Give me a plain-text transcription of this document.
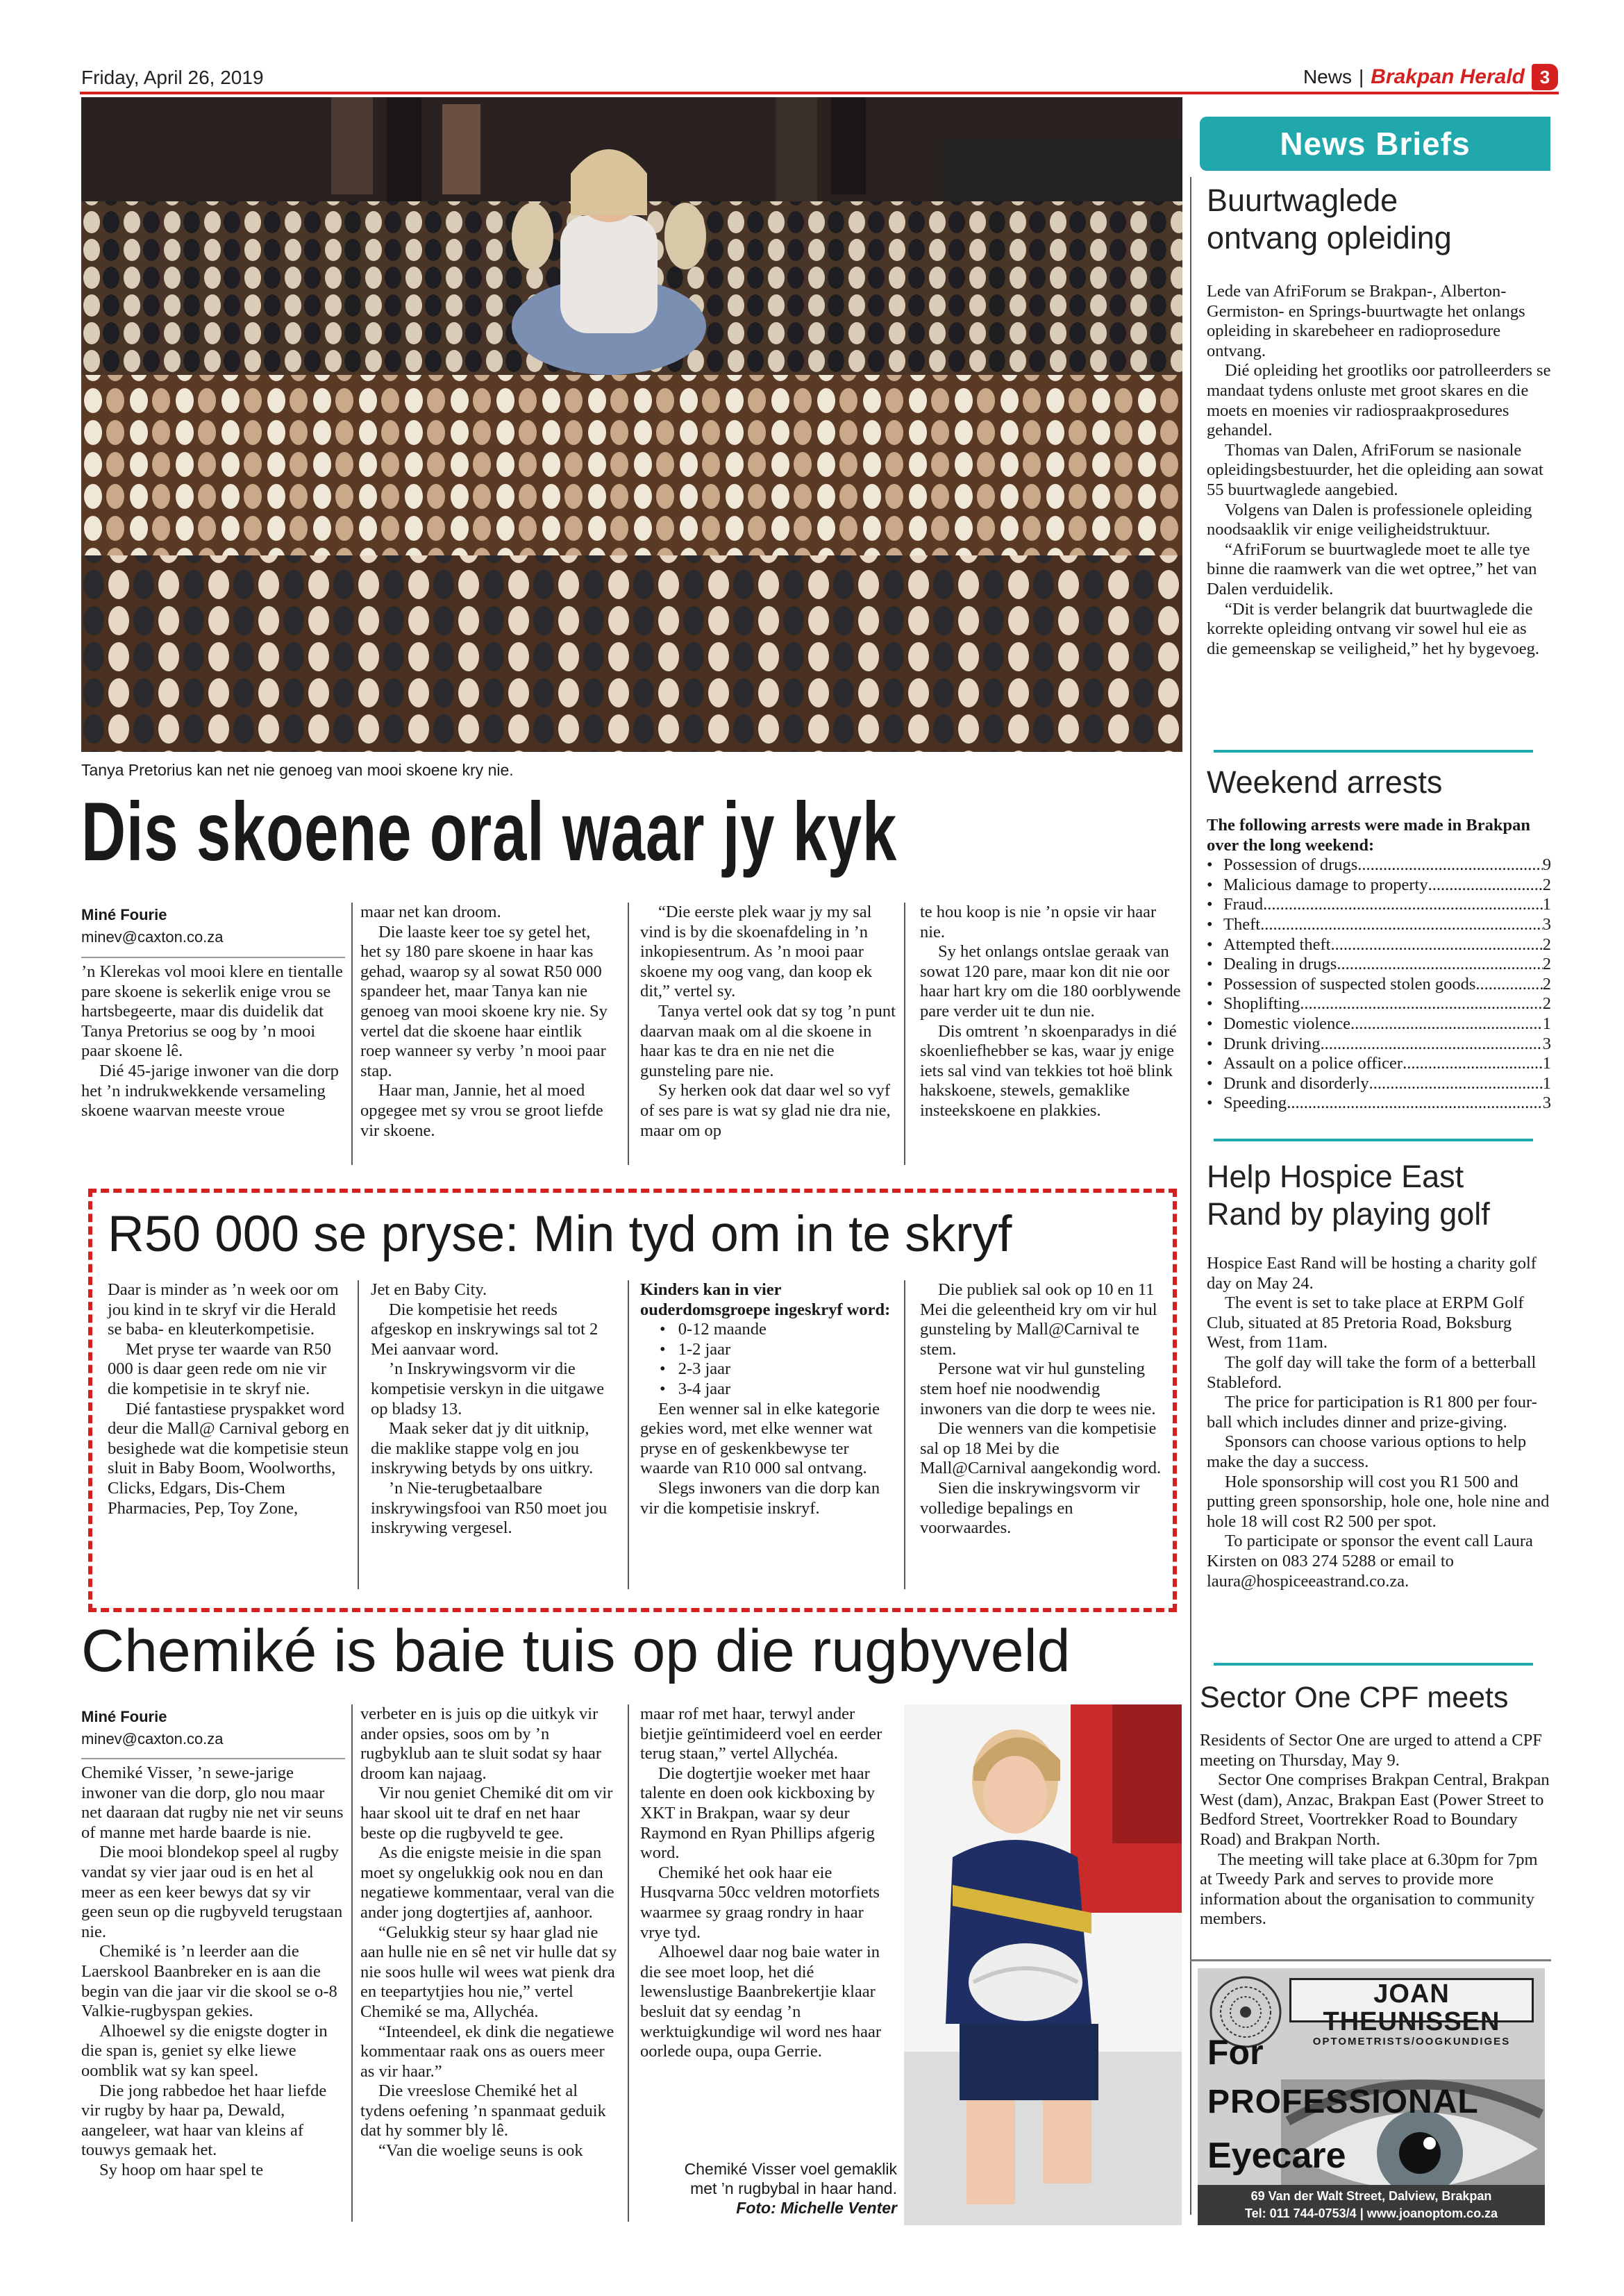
Friday, April 26, 2019	News | Brakpan Herald 3
Tanya Pretorius kan net nie genoeg van mooi skoene kry nie.
Dis skoene oral waar jy kyk
Miné Fourie
minev@caxton.co.za

’n Klerekas vol mooi klere en tientalle pare skoene is sekerlik enige vrou se hartsbegeerte, maar dis duidelik dat Tanya Pretorius se oog by ’n mooi paar skoene lê.

Dié 45-jarige inwoner van die dorp het ’n indrukwekkende versameling skoene waarvan meeste vroue

maar net kan droom.

Die laaste keer toe sy getel het, het sy 180 pare skoene in haar kas gehad, waarop sy al sowat R50 000 spandeer het, maar Tanya kan nie genoeg van mooi skoene kry nie. Sy vertel dat die skoene haar eintlik roep wanneer sy verby ’n mooi paar stap.

Haar man, Jannie, het al moed opgegee met sy vrou se groot liefde vir skoene.

“Die eerste plek waar jy my sal vind is by die skoenafdeling in ’n inkopiesentrum. As ’n mooi paar skoene my oog vang, dan koop ek dit,” vertel sy.

Tanya vertel ook dat sy tog ’n punt daarvan maak om al die skoene in haar kas te dra en nie net die gunsteling pare nie.

Sy herken ook dat daar wel so vyf of ses pare is wat sy glad nie dra nie, maar om op

te hou koop is nie ’n opsie vir haar nie.

Sy het onlangs ontslae geraak van sowat 120 pare, maar kon dit nie oor haar hart kry om die 180 oorblywende pare verder uit te dun nie.

Dis omtrent ’n skoenparadys in dié skoenliefhebber se kas, waar jy enige iets sal vind van tekkies tot hoë blink hakskoene, stewels, gemaklike insteekskoene en plakkies.

R50 000 se pryse: Min tyd om in te skryf

Daar is minder as ’n week oor om jou kind in te skryf vir die Herald se baba- en kleuterkompetisie.

Met pryse ter waarde van R50 000 is daar geen rede om nie vir die kompetisie in te skryf nie.

Dié fantastiese pryspakket word deur die Mall@ Carnival geborg en besighede wat die kompetisie steun sluit in Baby Boom, Woolworths, Clicks, Edgars, Dis-Chem Pharmacies, Pep, Toy Zone,

Jet en Baby City.

Die kompetisie het reeds afgeskop en inskrywings sal tot 2 Mei aanvaar word.

’n Inskrywingsvorm vir die kompetisie verskyn in die uitgawe op bladsy 13.

Maak seker dat jy dit uitknip, die maklike stappe volg en jou inskrywing betyds by ons uitkry.

’n Nie-terugbetaalbare inskrywingsfooi van R50 moet jou inskrywing vergesel.

Kinders kan in vier ouderdomsgroepe ingeskryf word:
• 0-12 maande
• 1-2 jaar
• 2-3 jaar
• 3-4 jaar

Een wenner sal in elke kategorie gekies word, met elke wenner wat pryse en of geskenkbewyse ter waarde van R10 000 sal ontvang.

Slegs inwoners van die dorp kan vir die kompetisie inskryf.

Die publiek sal ook op 10 en 11 Mei die geleentheid kry om vir hul gunsteling by Mall@Carnival te stem.

Persone wat vir hul gunsteling stem hoef nie noodwendig inwoners van die dorp te wees nie.

Die wenners van die kompetisie sal op 18 Mei by die Mall@Carnival aangekondig word.

Sien die inskrywingsvorm vir volledige bepalings en voorwaardes.

Chemiké is baie tuis op die rugbyveld
Miné Fourie
minev@caxton.co.za

Chemiké Visser, ’n sewe-jarige inwoner van die dorp, glo nou maar net daaraan dat rugby nie net vir seuns of manne met harde baarde is nie.

Die mooi blondekop speel al rugby vandat sy vier jaar oud is en het al meer as een keer bewys dat sy vir geen seun op die rugbyveld terugstaan nie.

Chemiké is ’n leerder aan die Laerskool Baanbreker en is aan die begin van die jaar vir die skool se o-8 Valkie-rugbyspan gekies.

Alhoewel sy die enigste dogter in die span is, geniet sy elke liewe oomblik wat sy kan speel.

Die jong rabbedoe het haar liefde vir rugby by haar pa, Dewald, aangeleer, wat haar van kleins af touwys gemaak het.

Sy hoop om haar spel te

verbeter en is juis op die uitkyk vir ander opsies, soos om by ’n rugbyklub aan te sluit sodat sy haar droom kan najaag.

Vir nou geniet Chemiké dit om vir haar skool uit te draf en net haar beste op die rugbyveld te gee.

As die enigste meisie in die span moet sy ongelukkig ook nou en dan negatiewe kommentaar, veral van die ander jong dogtertjies af, aanhoor.

“Gelukkig steur sy haar glad nie aan hulle nie en sê net vir hulle dat sy nie soos hulle wil wees wat pienk dra en teepartytjies hou nie,” vertel Chemiké se ma, Allychéa.

“Inteendeel, ek dink die negatiewe kommentaar raak ons as ouers meer as vir haar.”

Die vreeslose Chemiké het al tydens oefening ’n spanmaat geduik dat hy sommer bly lê.

“Van die woelige seuns is ook

maar rof met haar, terwyl ander bietjie geïntimideerd voel en eerder terug staan,” vertel Allychéa.

Die dogtertjie woeker met haar talente en doen ook kickboxing by XKT in Brakpan, waar sy deur Raymond en Ryan Phillips afgerig word.

Chemiké het ook haar eie Husqvarna 50cc veldren motorfiets waarmee sy graag rondry in haar vrye tyd.

Alhoewel daar nog baie water in die see moet loop, het dié lewenslustige Baanbrekertjie klaar besluit dat sy eendag ’n werktuigkundige wil word nes haar oorlede oupa, oupa Gerrie.

Chemiké Visser voel gemaklik
met ’n rugbybal in haar hand.
Foto: Michelle Venter
News Briefs
Buurtwaglede ontvang opleiding

Lede van AfriForum se Brakpan-, Alberton-Germiston- en Springs-buurtwagte het onlangs opleiding in skarebeheer en radioprosedure ontvang.

Dié opleiding het grootliks oor patrolleerders se mandaat tydens onluste met groot skares en die moets en moenies vir radiospraakprosedures gehandel.

Thomas van Dalen, AfriForum se nasionale opleidingsbestuurder, het die opleiding aan sowat 55 buurtwaglede aangebied.

Volgens van Dalen is professionele opleiding noodsaaklik vir enige veiligheidstruktuur.

“AfriForum se buurtwaglede moet te alle tye binne die raamwerk van die wet optree,” het van Dalen verduidelik.

“Dit is verder belangrik dat buurtwaglede die korrekte opleiding ontvang vir sowel hul eie as die gemeenskap se veiligheid,” het hy bygevoeg.

Weekend arrests
The following arrests were made in Brakpan over the long weekend:
• Possession of drugs .....	9
• Malicious damage to property .....	2
• Fraud .....	1
• Theft .....	3
• Attempted theft .....	2
• Dealing in drugs .....	2
• Possession of suspected stolen goods .....	2
• Shoplifting .....	2
• Domestic violence .....	1
• Drunk driving .....	3
• Assault on a police officer .....	1
• Drunk and disorderly .....	1
• Speeding .....	3
Help Hospice East Rand by playing golf

Hospice East Rand will be hosting a charity golf day on May 24.

The event is set to take place at ERPM Golf Club, situated at 85 Pretoria Road, Boksburg West, from 11am.

The golf day will take the form of a betterball Stableford.

The price for participation is R1 800 per four-ball which includes dinner and prize-giving.

Sponsors can choose various options to help make the day a success.

Hole sponsorship will cost you R1 500 and putting green sponsorship, hole one, hole nine and hole 18 will cost R2 500 per spot.

To participate or sponsor the event call Laura Kirsten on 083 274 5288 or email to laura@hospiceeastrand.co.za.

Sector One CPF meets

Residents of Sector One are urged to attend a CPF meeting on Thursday, May 9.

Sector One comprises Brakpan Central, Brakpan West (dam), Anzac, Brakpan East (Power Street to Bedford Street, Voortrekker Road to Boundary Road) and Brakpan North.

The meeting will take place at 6.30pm for 7pm at Tweedy Park and serves to provide more information about the organisation to community members.

JOAN THEUNISSEN
OPTOMETRISTS/OOGKUNDIGES
For
PROFESSIONAL
Eyecare
69 Van der Walt Street, Dalview, Brakpan
Tel: 011 744-0753/4 | www.joanoptom.co.za
